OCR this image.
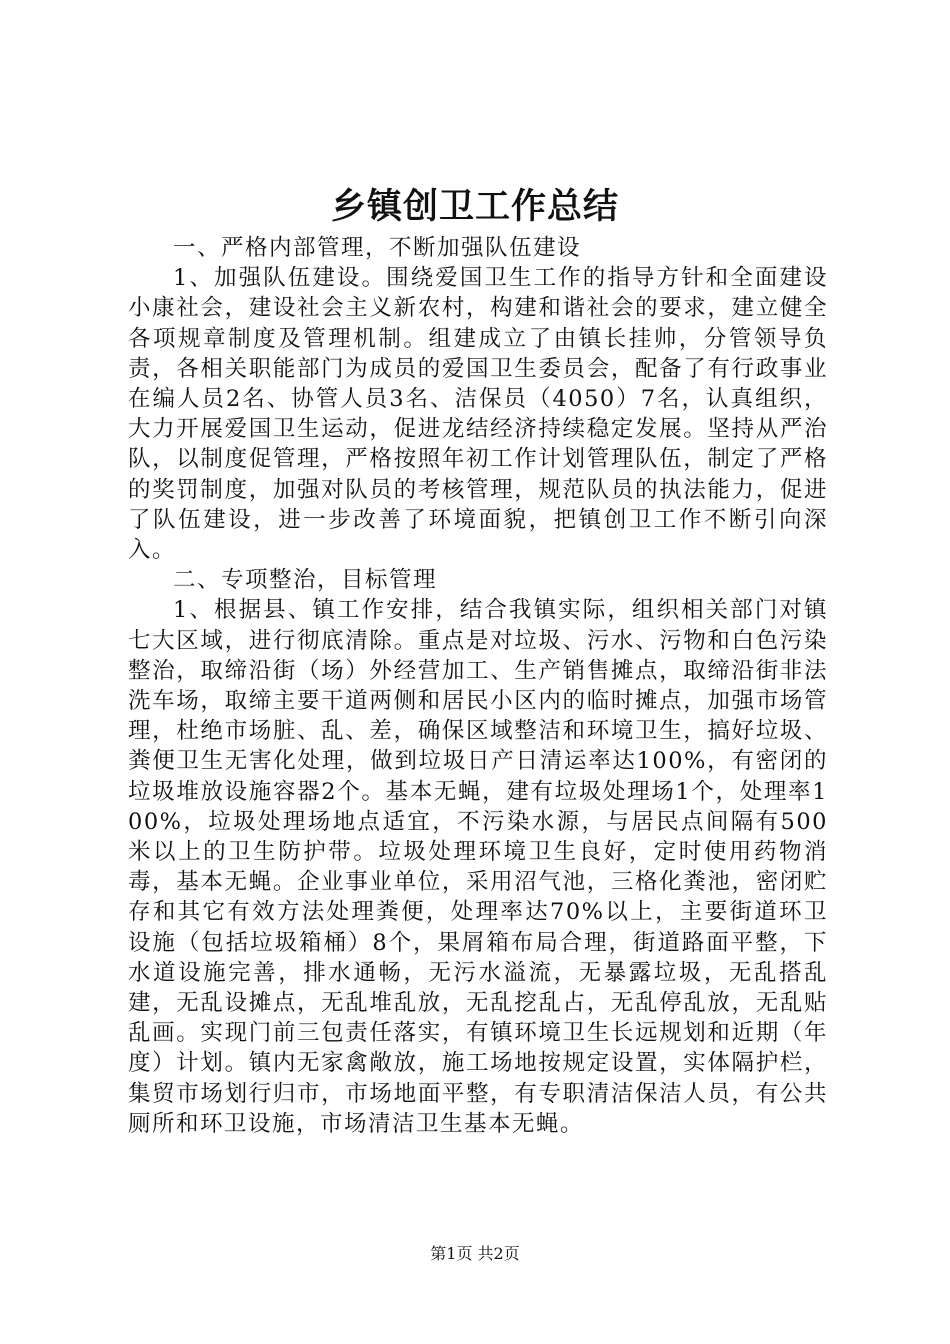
乡镇创卫工作总结

一、严格内部管理，不断加强队伍建设

1、加强队伍建设。围绕爱国卫生工作的指导方针和全面建设小康社会，建设社会主义新农村，构建和谐社会的要求，建立健全各项规章制度及管理机制。组建成立了由镇长挂帅，分管领导负责，各相关职能部门为成员的爱国卫生委员会，配备了有行政事业在编人员2名、协管人员3名、洁保员（4050）7名，认真组织，大力开展爱国卫生运动，促进龙结经济持续稳定发展。坚持从严治队，以制度促管理，严格按照年初工作计划管理队伍，制定了严格的奖罚制度，加强对队员的考核管理，规范队员的执法能力，促进了队伍建设，进一步改善了环境面貌，把镇创卫工作不断引向深入。

二、专项整治，目标管理

1、根据县、镇工作安排，结合我镇实际，组织相关部门对镇七大区域，进行彻底清除。重点是对垃圾、污水、污物和白色污染整治，取缔沿街（场）外经营加工、生产销售摊点，取缔沿街非法洗车场，取缔主要干道两侧和居民小区内的临时摊点，加强市场管理，杜绝市场脏、乱、差，确保区域整洁和环境卫生，搞好垃圾、粪便卫生无害化处理，做到垃圾日产日清运率达100%，有密闭的垃圾堆放设施容器2个。基本无蝇，建有垃圾处理场1个，处理率100%，垃圾处理场地点适宜，不污染水源，与居民点间隔有500米以上的卫生防护带。垃圾处理环境卫生良好，定时使用药物消毒，基本无蝇。企业事业单位，采用沼气池，三格化粪池，密闭贮存和其它有效方法处理粪便，处理率达70%以上，主要街道环卫设施（包括垃圾箱桶）8个，果屑箱布局合理，街道路面平整，下水道设施完善，排水通畅，无污水溢流，无暴露垃圾，无乱搭乱建，无乱设摊点，无乱堆乱放，无乱挖乱占，无乱停乱放，无乱贴乱画。实现门前三包责任落实，有镇环境卫生长远规划和近期（年度）计划。镇内无家禽敞放，施工场地按规定设置，实体隔护栏，集贸市场划行归市，市场地面平整，有专职清洁保洁人员，有公共厕所和环卫设施，市场清洁卫生基本无蝇。

第1页 共2页
